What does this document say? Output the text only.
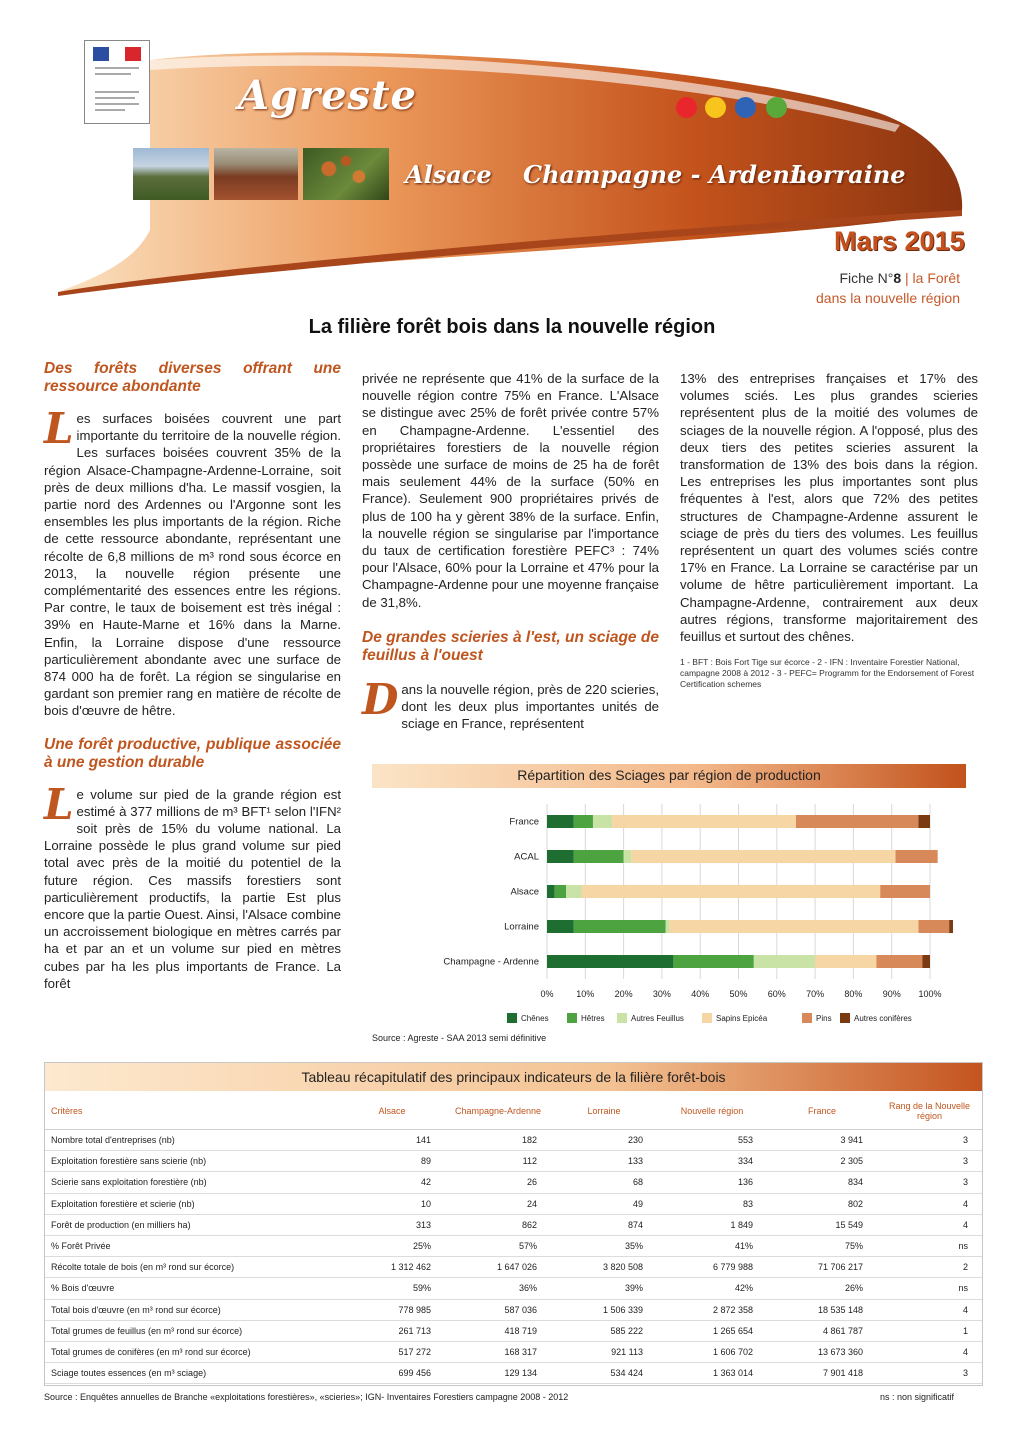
Agreste
Alsace Champagne - Ardenne
Lorraine
Mars 2015
Fiche N°8 | la Forêt
dans la nouvelle région
La filière forêt bois dans la nouvelle région
Des forêts diverses offrant une ressource abondante

Les surfaces boisées couvrent une part importante du territoire de la nouvelle région. Les surfaces boisées couvrent 35% de la région Alsace-Champagne-Ardenne-Lorraine, soit près de deux millions d'ha. Le massif vosgien, la partie nord des Ardennes ou l'Argonne sont les ensembles les plus importants de la région. Riche de cette ressource abondante, représentant une récolte de 6,8 millions de m³ rond sous écorce en 2013, la nouvelle région présente une complémentarité des essences entre les régions. Par contre, le taux de boisement est très inégal : 39% en Haute-Marne et 16% dans la Marne. Enfin, la Lorraine dispose d'une ressource particulièrement abondante avec une surface de 874 000 ha de forêt. La région se singularise en gardant son premier rang en matière de récolte de bois d'œuvre de hêtre.

Une forêt productive, publique associée à une gestion durable

Le volume sur pied de la grande région est estimé à 377 millions de m³ BFT¹ selon l'IFN² soit près de 15% du volume national. La Lorraine possède le plus grand volume sur pied total avec près de la moitié du potentiel de la future région. Ces massifs forestiers sont particulièrement productifs, la partie Est plus encore que la partie Ouest. Ainsi, l'Alsace combine un accroissement biologique en mètres carrés par ha et par an et un volume sur pied en mètres cubes par ha les plus importants de France. La forêt

privée ne représente que 41% de la surface de la nouvelle région contre 75% en France. L'Alsace se distingue avec 25% de forêt privée contre 57% en Champagne-Ardenne. L'essentiel des propriétaires forestiers de la nouvelle région possède une surface de moins de 25 ha de forêt mais seulement 44% de la surface (50% en France). Seulement 900 propriétaires privés de plus de 100 ha y gèrent 38% de la surface. Enfin, la nouvelle région se singularise par l'importance du taux de certification forestière PEFC³ : 74% pour l'Alsace, 60% pour la Lorraine et 47% pour la Champagne-Ardenne pour une moyenne française de 31,8%.

De grandes scieries à l'est, un sciage de feuillus à l'ouest

Dans la nouvelle région, près de 220 scieries, dont les deux plus importantes unités de sciage en France, représentent

13% des entreprises françaises et 17% des volumes sciés. Les plus grandes scieries représentent plus de la moitié des volumes de sciages de la nouvelle région. A l'opposé, plus des deux tiers des petites scieries assurent la transformation de 13% des bois dans la région. Les entreprises les plus importantes sont plus fréquentes à l'est, alors que 72% des petites structures de Champagne-Ardenne assurent le sciage de près du tiers des volumes. Les feuillus représentent un quart des volumes sciés contre 17% en France. La Lorraine se caractérise par un volume de hêtre particulièrement important. La Champagne-Ardenne, contrairement aux deux autres régions, transforme majoritairement des feuillus et surtout des chênes.

1 - BFT : Bois Fort Tige sur écorce - 2 - IFN : Inventaire Forestier National, campagne 2008 à 2012 - 3 - PEFC= Programm for the Endorsement of Forest Certification schemes
Répartition des Sciages par région de production
0%	10% 20% 30% 40% 50% 60% 70% 80% 90% 100%
France
ACAL
Alsace
Lorraine
Champagne - Ardenne
Chênes	Hêtres	Autres Feuillus	Sapins Epicéa	Pins	Autres conifères
Source : Agreste - SAA 2013 semi définitive
Tableau récapitulatif des principaux indicateurs de la filière forêt-bois
Critères	Alsace	Champagne-Ardenne	Lorraine	Nouvelle région	France	Rang de la Nouvelle région
Nombre total d'entreprises (nb)	141	182	230	553	3 941	3
Exploitation forestière sans scierie (nb)	89	112	133	334	2 305	3
Scierie sans exploitation forestière (nb)	42	26	68	136	834	3
Exploitation forestière et scierie (nb)	10	24	49	83	802	4
Forêt de production (en milliers ha)	313	862	874	1 849	15 549	4
% Forêt Privée	25%	57%	35%	41%	75%	ns
Récolte totale de bois (en m³ rond sur écorce)	1 312 462	1 647 026	3 820 508	6 779 988	71 706 217	2
% Bois d'œuvre	59%	36%	39%	42%	26%	ns
Total bois d'œuvre (en m³ rond sur écorce)	778 985	587 036	1 506 339	2 872 358	18 535 148	4
Total grumes de feuillus (en m³ rond sur écorce)	261 713	418 719	585 222	1 265 654	4 861 787	1
Total grumes de conifères (en m³ rond sur écorce)	517 272	168 317	921 113	1 606 702	13 673 360	4
Sciage toutes essences (en m³ sciage)	699 456	129 134	534 424	1 363 014	7 901 418	3
Source : Enquêtes annuelles de Branche «exploitations forestières», «scieries»; IGN- Inventaires Forestiers campagne 2008 - 2012	ns : non significatif
